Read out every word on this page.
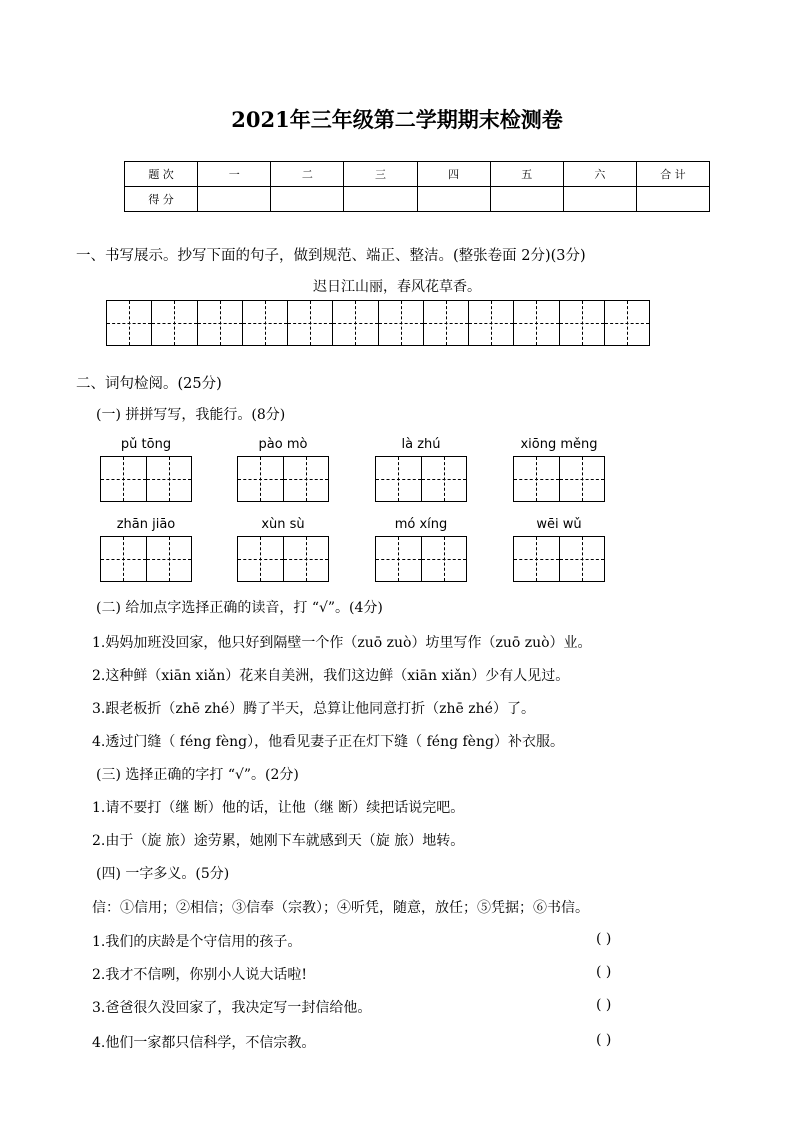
2021年三年级第二学期期末检测卷
题 次	一	二	三	四	五	六	合 计
得 分							
一、书写展示。抄写下面的句子，做到规范、端正、整洁。(整张卷面 2分)(3分)
迟日江山丽，春风花草香。
二、词句检阅。(25分)
(一) 拼拼写写，我能行。(8分)
pǔ tōng	pào mò	là zhú	xiōng měng
zhān jiāo	xùn sù	mó xíng	wēi wǔ
(二) 给加点字选择正确的读音，打 “√”。(4分)
1.妈妈加班没回家，他只好到隔壁一个作（zuō zuò）坊里写作（zuō zuò）业。
2.这种鲜（xiān xiǎn）花来自美洲，我们这边鲜（xiān xiǎn）少有人见过。
3.跟老板折（zhē zhé）腾了半天，总算让他同意打折（zhē zhé）了。
4.透过门缝（ féng fèng），他看见妻子正在灯下缝（ féng fèng）补衣服。
(三) 选择正确的字打 “√”。(2分)
1.请不要打（继 断）他的话，让他（继 断）续把话说完吧。
2.由于（旋 旅）途劳累，她刚下车就感到天（旋 旅）地转。
(四) 一字多义。(5分)
信：①信用；②相信；③信奉（宗教）；④听凭，随意，放任；⑤凭据；⑥书信。
1.我们的庆龄是个守信用的孩子。	( )
2.我才不信咧，你别小人说大话啦!	( )
3.爸爸很久没回家了，我决定写一封信给他。	( )
4.他们一家都只信科学，不信宗教。	( )
